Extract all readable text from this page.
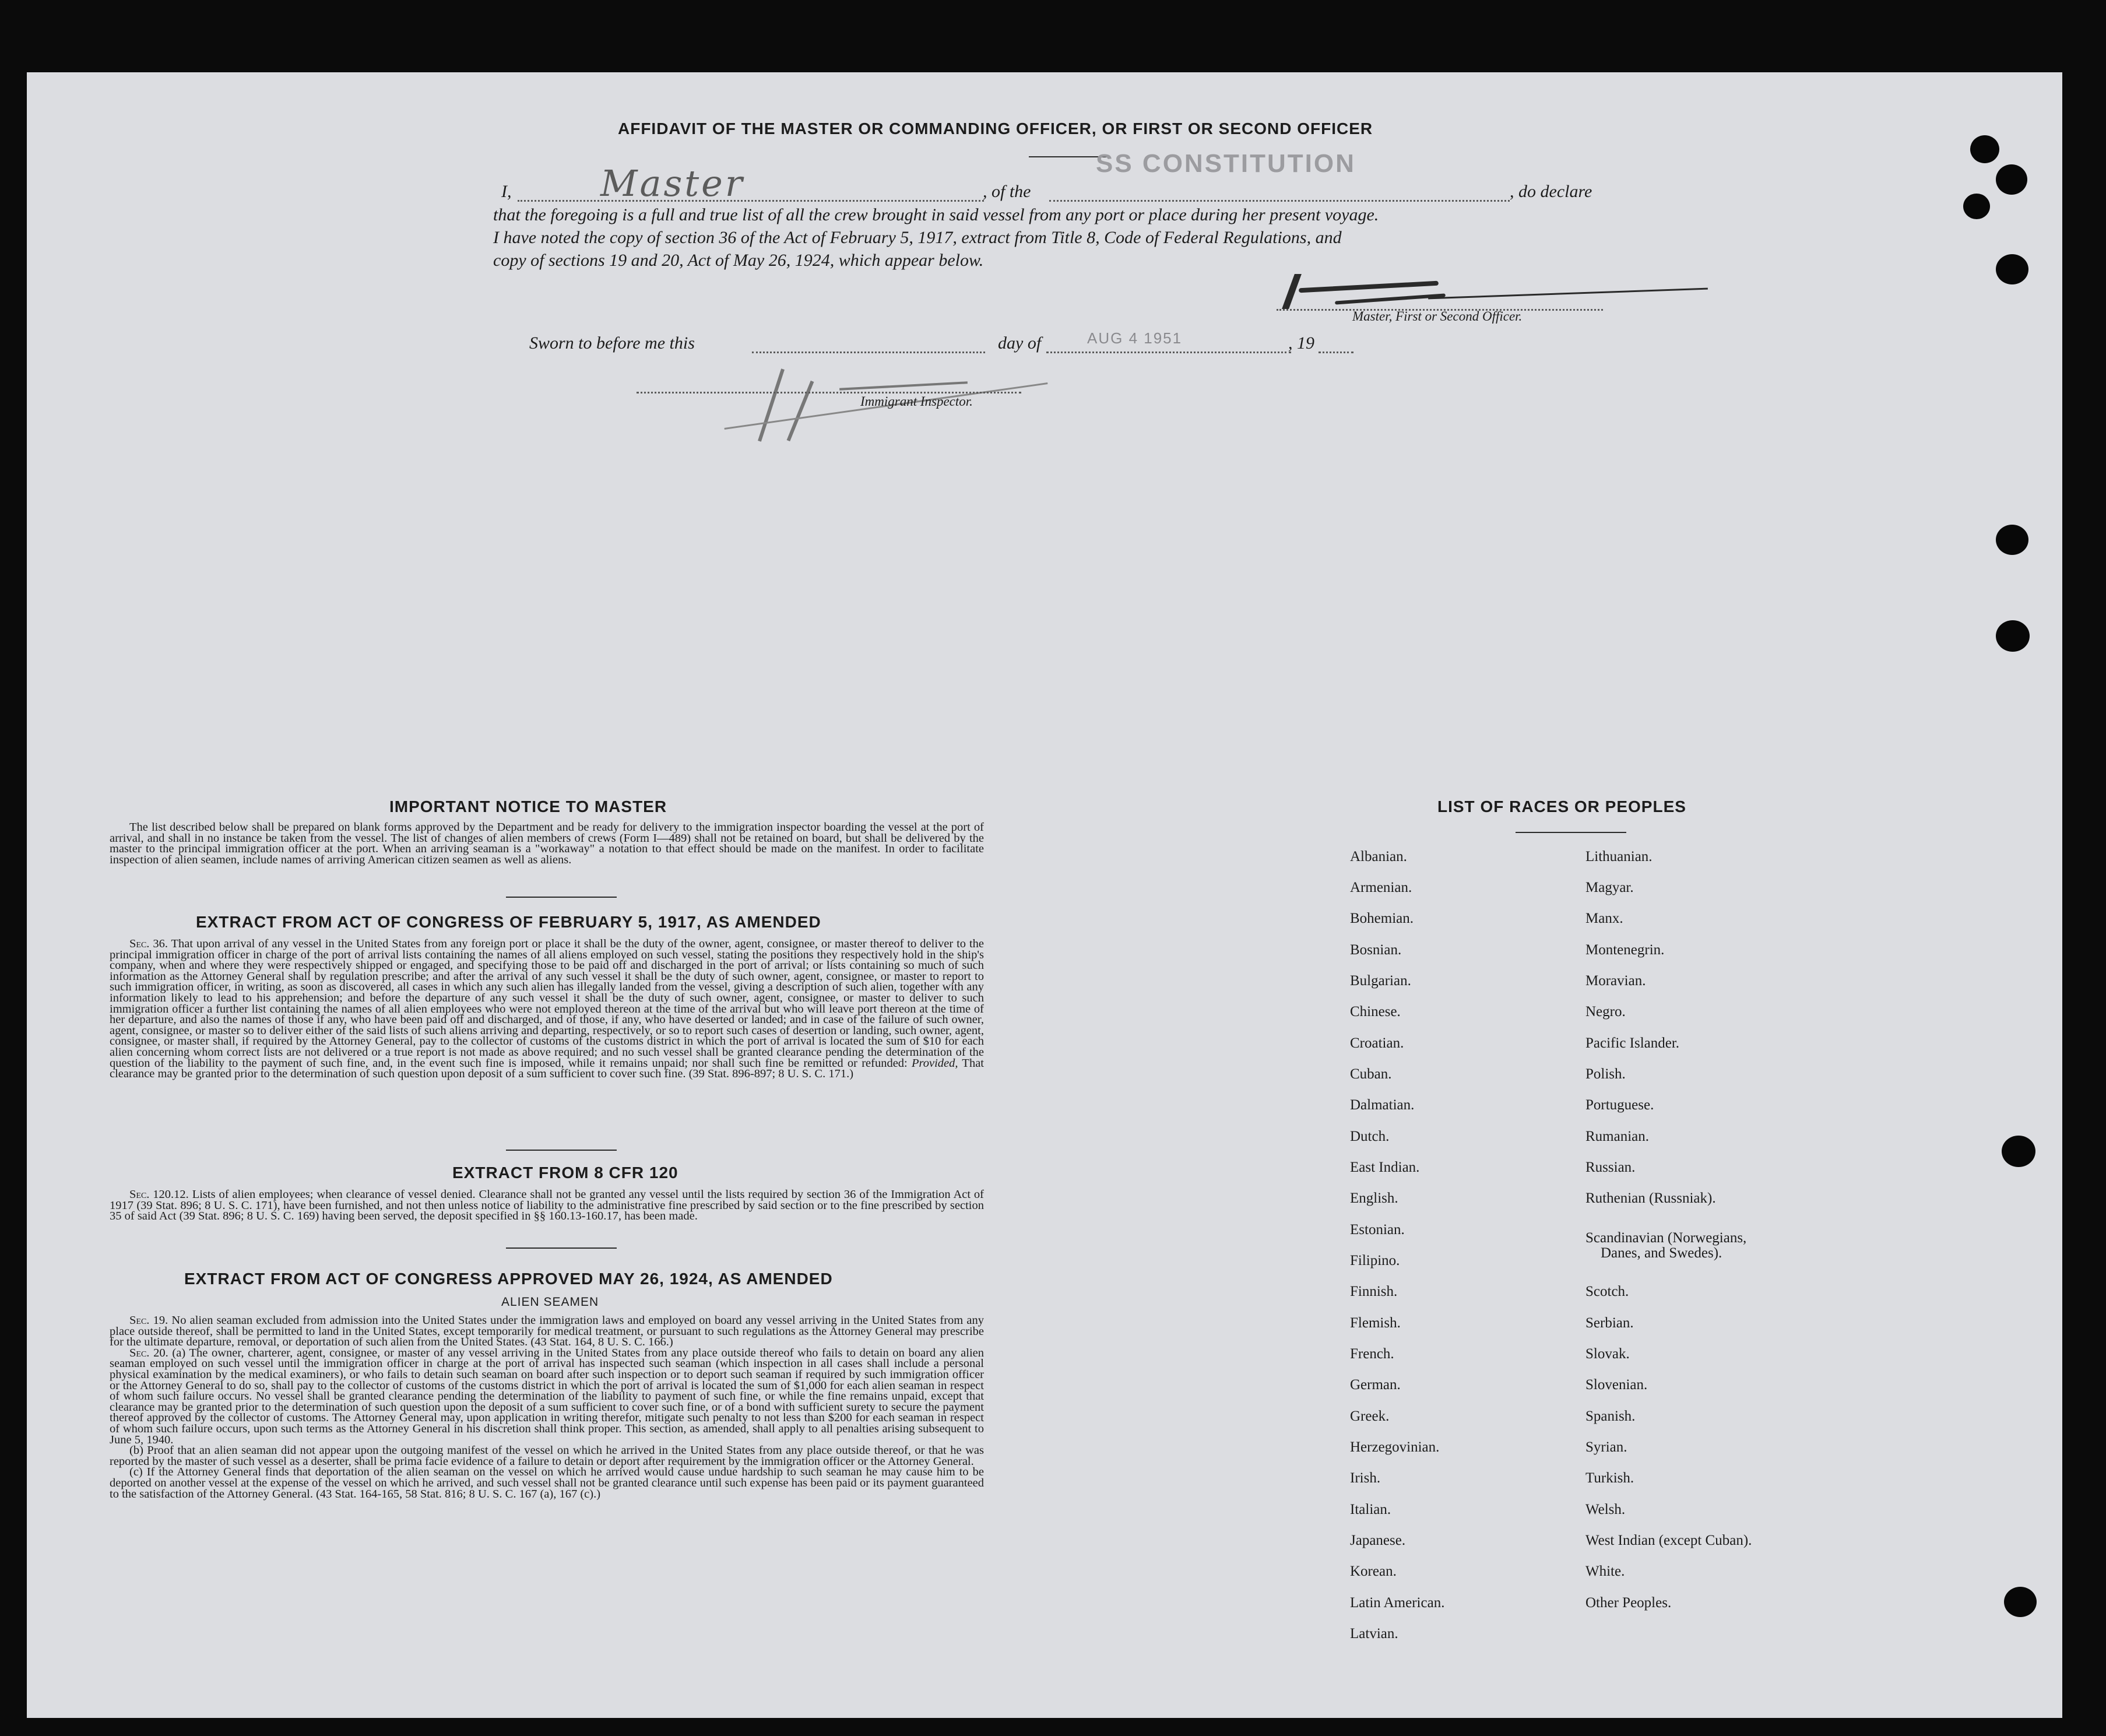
AFFIDAVIT OF THE MASTER OR COMMANDING OFFICER, OR FIRST OR SECOND OFFICER
I, Master	, of the
SS CONSTITUTION
, do declare
that the foregoing is a full and true list of all the crew brought in said vessel from any port or place during her present voyage.
I have noted the copy of section 36 of the Act of February 5, 1917, extract from Title 8, Code of Federal Regulations, and
copy of sections 19 and 20, Act of May 26, 1924, which appear below.
Master, First or Second Officer.
Sworn to before me this	day of	AUG 4 1951	, 19
Immigrant Inspector.
IMPORTANT NOTICE TO MASTER

The list described below shall be prepared on blank forms approved by the Department and be ready for delivery to the immigration inspector boarding the vessel at the port of arrival, and shall in no instance be taken from the vessel. The list of changes of alien members of crews (Form I—489) shall not be retained on board, but shall be delivered by the master to the principal immigration officer at the port. When an arriving seaman is a "workaway" a notation to that effect should be made on the manifest. In order to facilitate inspection of alien seamen, include names of arriving American citizen seamen as well as aliens.

EXTRACT FROM ACT OF CONGRESS OF FEBRUARY 5, 1917, AS AMENDED

Sec. 36. That upon arrival of any vessel in the United States from any foreign port or place it shall be the duty of the owner, agent, consignee, or master thereof to deliver to the principal immigration officer in charge of the port of arrival lists containing the names of all aliens employed on such vessel, stating the positions they respectively hold in the ship's company, when and where they were respectively shipped or engaged, and specifying those to be paid off and discharged in the port of arrival; or lists containing so much of such information as the Attorney General shall by regulation prescribe; and after the arrival of any such vessel it shall be the duty of such owner, agent, consignee, or master to report to such immigration officer, in writing, as soon as discovered, all cases in which any such alien has illegally landed from the vessel, giving a description of such alien, together with any information likely to lead to his apprehension; and before the departure of any such vessel it shall be the duty of such owner, agent, consignee, or master to deliver to such immigration officer a further list containing the names of all alien employees who were not employed thereon at the time of the arrival but who will leave port thereon at the time of her departure, and also the names of those if any, who have been paid off and discharged, and of those, if any, who have deserted or landed; and in case of the failure of such owner, agent, consignee, or master so to deliver either of the said lists of such aliens arriving and departing, respectively, or so to report such cases of desertion or landing, such owner, agent, consignee, or master shall, if required by the Attorney General, pay to the collector of customs of the customs district in which the port of arrival is located the sum of $10 for each alien concerning whom correct lists are not delivered or a true report is not made as above required; and no such vessel shall be granted clearance pending the determination of the question of the liability to the payment of such fine, and, in the event such fine is imposed, while it remains unpaid; nor shall such fine be remitted or refunded: Provided, That clearance may be granted prior to the determination of such question upon deposit of a sum sufficient to cover such fine. (39 Stat. 896-897; 8 U. S. C. 171.)

EXTRACT FROM 8 CFR 120

Sec. 120.12. Lists of alien employees; when clearance of vessel denied. Clearance shall not be granted any vessel until the lists required by section 36 of the Immigration Act of 1917 (39 Stat. 896; 8 U. S. C. 171), have been furnished, and not then unless notice of liability to the administrative fine prescribed by said section or to the fine prescribed by section 35 of said Act (39 Stat. 896; 8 U. S. C. 169) having been served, the deposit specified in §§ 160.13-160.17, has been made.

EXTRACT FROM ACT OF CONGRESS APPROVED MAY 26, 1924, AS AMENDED
ALIEN SEAMEN

Sec. 19. No alien seaman excluded from admission into the United States under the immigration laws and employed on board any vessel arriving in the United States from any place outside thereof, shall be permitted to land in the United States, except temporarily for medical treatment, or pursuant to such regulations as the Attorney General may prescribe for the ultimate departure, removal, or deportation of such alien from the United States. (43 Stat. 164, 8 U. S. C. 166.)

Sec. 20. (a) The owner, charterer, agent, consignee, or master of any vessel arriving in the United States from any place outside thereof who fails to detain on board any alien seaman employed on such vessel until the immigration officer in charge at the port of arrival has inspected such seaman (which inspection in all cases shall include a personal physical examination by the medical examiners), or who fails to detain such seaman on board after such inspection or to deport such seaman if required by such immigration officer or the Attorney General to do so, shall pay to the collector of customs of the customs district in which the port of arrival is located the sum of $1,000 for each alien seaman in respect of whom such failure occurs. No vessel shall be granted clearance pending the determination of the liability to payment of such fine, or while the fine remains unpaid, except that clearance may be granted prior to the determination of such question upon the deposit of a sum sufficient to cover such fine, or of a bond with sufficient surety to secure the payment thereof approved by the collector of customs. The Attorney General may, upon application in writing therefor, mitigate such penalty to not less than $200 for each seaman in respect of whom such failure occurs, upon such terms as the Attorney General in his discretion shall think proper. This section, as amended, shall apply to all penalties arising subsequent to June 5, 1940.

(b) Proof that an alien seaman did not appear upon the outgoing manifest of the vessel on which he arrived in the United States from any place outside thereof, or that he was reported by the master of such vessel as a deserter, shall be prima facie evidence of a failure to detain or deport after requirement by the immigration officer or the Attorney General.

(c) If the Attorney General finds that deportation of the alien seaman on the vessel on which he arrived would cause undue hardship to such seaman he may cause him to be deported on another vessel at the expense of the vessel on which he arrived, and such vessel shall not be granted clearance until such expense has been paid or its payment guaranteed to the satisfaction of the Attorney General. (43 Stat. 164-165, 58 Stat. 816; 8 U. S. C. 167 (a), 167 (c).)

LIST OF RACES OR PEOPLES
Albanian.
Armenian.
Bohemian.
Bosnian.
Bulgarian.
Chinese.
Croatian.
Cuban.
Dalmatian.
Dutch.
East Indian.
English.
Estonian.
Filipino.
Finnish.
Flemish.
French.
German.
Greek.
Herzegovinian.
Irish.
Italian.
Japanese.
Korean.
Latin American.
Latvian.
Lithuanian.
Magyar.
Manx.
Montenegrin.
Moravian.
Negro.
Pacific Islander.
Polish.
Portuguese.
Rumanian.
Russian.
Ruthenian (Russniak).
Scandinavian (Norwegians,
Danes, and Swedes).
Scotch.
Serbian.
Slovak.
Slovenian.
Spanish.
Syrian.
Turkish.
Welsh.
West Indian (except Cuban).
White.
Other Peoples.
